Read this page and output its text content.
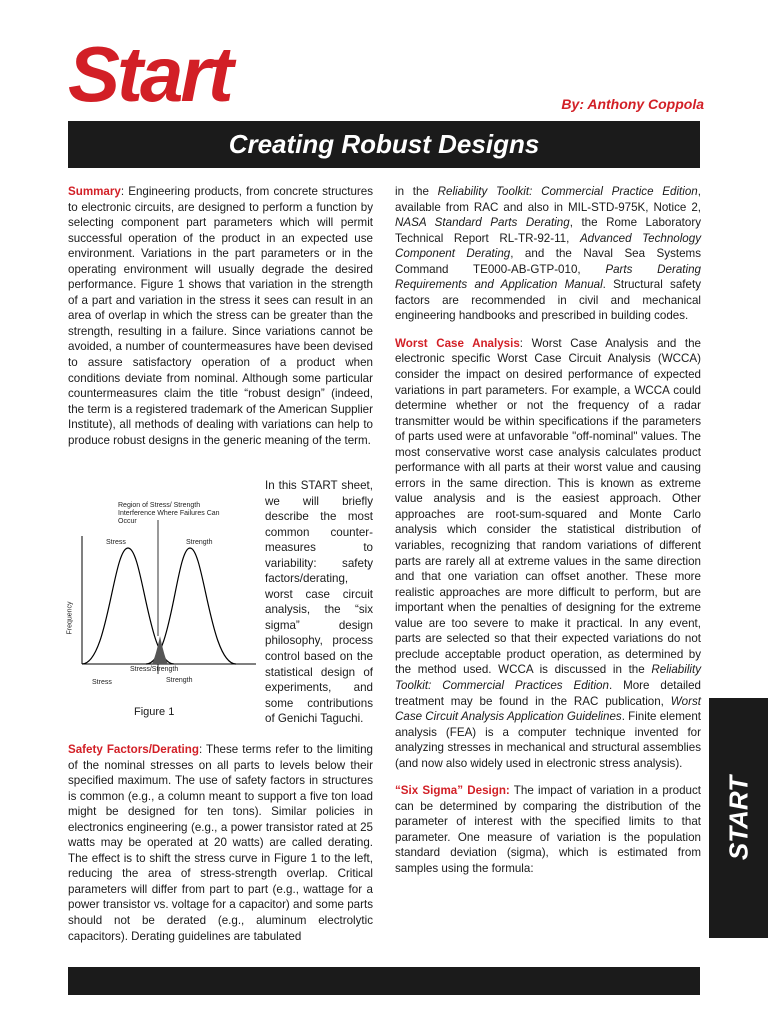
Start	By: Anthony Coppola
Creating Robust Designs

Summary: Engineering products, from concrete structures to electronic circuits, are designed to perform a function by selecting component part parameters which will permit successful operation of the product in an expected use environment. Variations in the part parameters or in the operating environment will usually degrade the desired performance. Figure 1 shows that variation in the strength of a part and variation in the stress it sees can result in an area of overlap in which the stress can be greater than the strength, resulting in a failure. Since variations cannot be avoided, a number of countermeasures have been devised to assure satisfactory operation of a product when conditions deviate from nominal. Although some particular countermeasures claim the title “robust design” (indeed, the term is a registered trademark of the American Supplier Institute), all methods of dealing with variations can help to produce robust designs in the generic meaning of the term.

In this START sheet, we will briefly describe the most common counter-measures to variability: safety factors/derating, worst case circuit analysis, the “six sigma” design philosophy, process control based on the statistical design of experiments, and some contributions of Genichi Taguchi.
Region of Stress/ Strength Interference Where Failures Can Occur
Stress	Strength
Frequency
Stress/Strength
Stress	Strength
Figure 1
Safety Factors/Derating: These terms refer to the limiting of the nominal stresses on all parts to levels below their specified maximum. The use of safety factors in structures is common (e.g., a column meant to support a five ton load might be designed for ten tons). Similar policies in electronics engineering (e.g., a power transistor rated at 25 watts may be operated at 20 watts) are called derating. The effect is to shift the stress curve in Figure 1 to the left, reducing the area of stress-strength overlap. Critical parameters will differ from part to part (e.g., wattage for a power transistor vs. voltage for a capacitor) and some parts should not be derated (e.g., aluminum electrolytic capacitors). Derating guidelines are tabulated

in the Reliability Toolkit: Commercial Practice Edition, available from RAC and also in MIL-STD-975K, Notice 2, NASA Standard Parts Derating, the Rome Laboratory Technical Report RL-TR-92-11, Advanced Technology Component Derating, and the Naval Sea Systems Command TE000-AB-GTP-010, Parts Derating Requirements and Application Manual. Structural safety factors are recommended in civil and mechanical engineering handbooks and prescribed in building codes.

Worst Case Analysis: Worst Case Analysis and the electronic specific Worst Case Circuit Analysis (WCCA) consider the impact on desired performance of expected variations in part parameters. For example, a WCCA could determine whether or not the frequency of a radar transmitter would be within specifications if the parameters of parts used were at unfavorable "off-nominal" values. The most conservative worst case analysis calculates product performance with all parts at their worst value and causing errors in the same direction. This is known as extreme value analysis and is the easiest approach. Other approaches are root-sum-squared and Monte Carlo analysis which consider the statistical distribution of variables, recognizing that random variations of different parts are rarely all at extreme values in the same direction and that one variation can offset another. These more realistic approaches are more difficult to perform, but are important when the penalties of designing for the extreme value are too severe to make it practical. In any event, parts are selected so that their expected variations do not preclude acceptable product operation, as determined by the method used. WCCA is discussed in the Reliability Toolkit: Commercial Practices Edition. More detailed treatment may be found in the RAC publication, Worst Case Circuit Analysis Application Guidelines. Finite element analysis (FEA) is a computer technique invented for analyzing stresses in mechanical and structural assemblies (and now also widely used in electronic stress analysis).

“Six Sigma” Design: The impact of variation in a product can be determined by comparing the distribution of the parameter of interest with the specified limits to that parameter. One measure of variation is the population standard deviation (sigma), which is estimated from samples using the formula:

START
